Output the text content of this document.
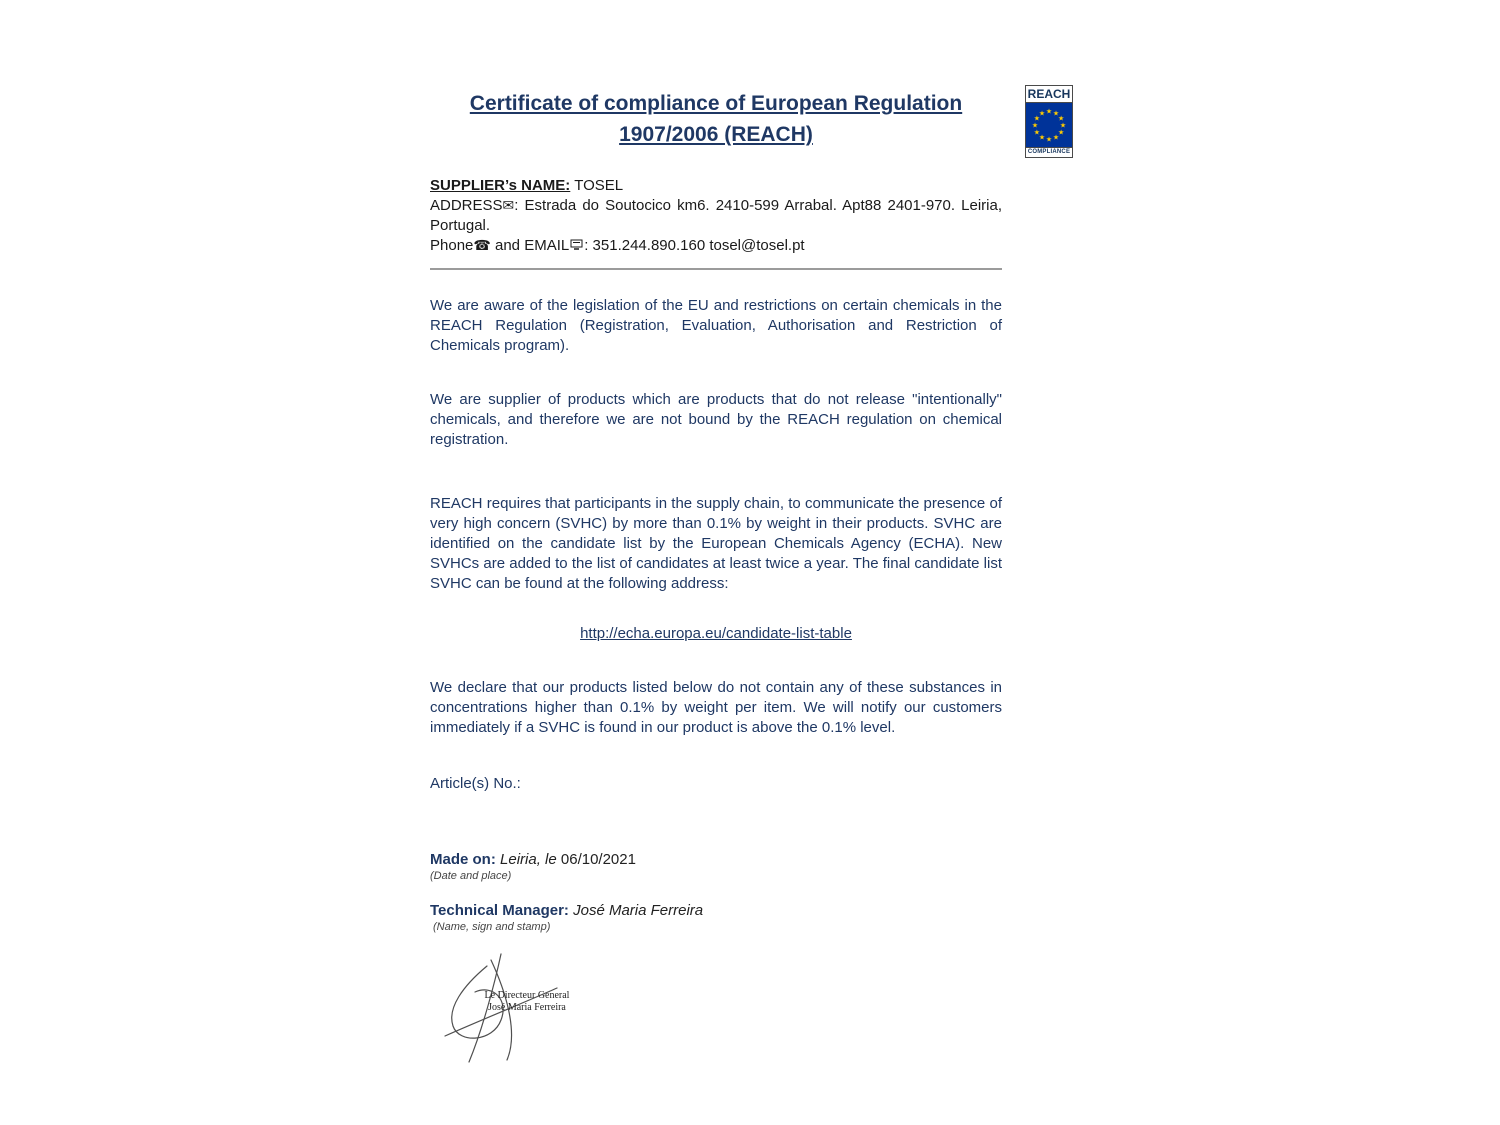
REACH
★ ★
★
★
★
★
★
★
★
★
★
★
COMPLIANCE
Certificate of compliance of European Regulation
1907/2006 (REACH)
SUPPLIER’s NAME: TOSEL
ADDRESS✉: Estrada do Soutocico km6. 2410-599 Arrabal. Apt88 2401-970. Leiria, Portugal.
Phone☎ and EMAIL : 351.244.890.160 tosel@tosel.pt

We are aware of the legislation of the EU and restrictions on certain chemicals in the REACH Regulation (Registration, Evaluation, Authorisation and Restriction of Chemicals program).

We are supplier of products which are products that do not release "intentionally" chemicals, and therefore we are not bound by the REACH regulation on chemical registration.

REACH requires that participants in the supply chain, to communicate the presence of very high concern (SVHC) by more than 0.1% by weight in their products. SVHC are identified on the candidate list by the European Chemicals Agency (ECHA). New SVHCs are added to the list of candidates at least twice a year. The final candidate list SVHC can be found at the following address:

http://echa.europa.eu/candidate-list-table

We declare that our products listed below do not contain any of these substances in concentrations higher than 0.1% by weight per item. We will notify our customers immediately if a SVHC is found in our product is above the 0.1% level.

Article(s) No.:
Made on: Leiria, le 06/10/2021
(Date and place)
Technical Manager: José Maria Ferreira
(Name, sign and stamp)
Le Directeur General
José Maria Ferreira
